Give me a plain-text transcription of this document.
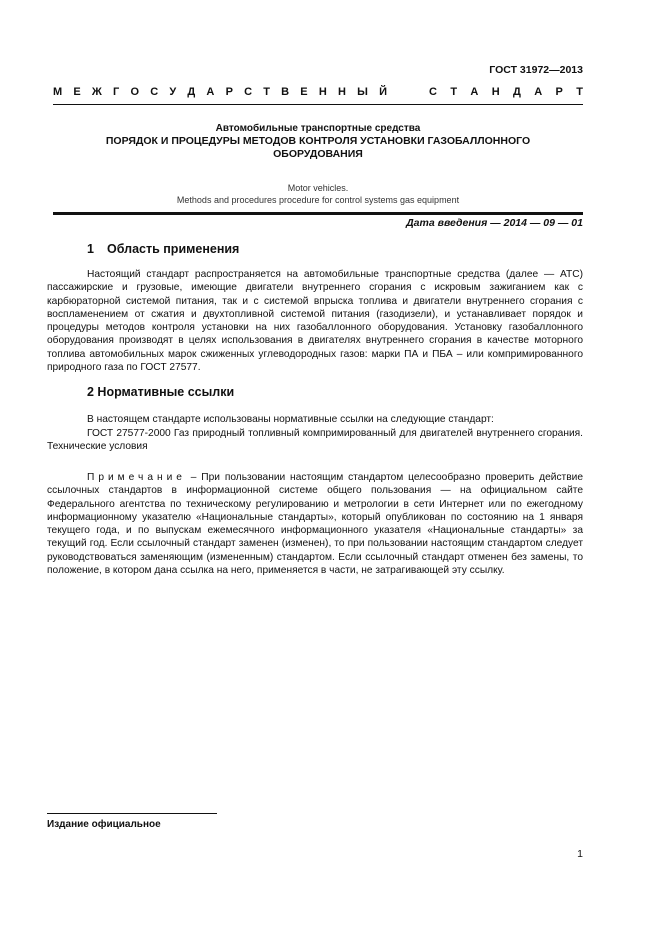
ГОСТ 31972—2013
М Е Ж Г О С У Д А Р С Т В Е Н Н Ы Й	С Т А Н Д А Р Т
Автомобильные транспортные средства
ПОРЯДОК И ПРОЦЕДУРЫ МЕТОДОВ КОНТРОЛЯ УСТАНОВКИ ГАЗОБАЛЛОННОГО
ОБОРУДОВАНИЯ
Motor vehicles.
Methods and procedures procedure for control systems gas equipment
Дата введения — 2014 — 09 — 01
1 Область применения
Настоящий стандарт распространяется на автомобильные транспортные средства (далее — АТС) пассажирские и грузовые, имеющие двигатели внутреннего сгорания с искровым зажиганием как с карбюраторной системой питания, так и с системой впрыска топлива и двигатели внутреннего сгорания с воспламенением от сжатия и двухтопливной системой питания (газодизели), и устанавливает порядок и процедуры методов контроля установки на них газобаллонного оборудования. Установку газобаллонного оборудования производят в целях использования в двигателях внутреннего сгорания в качестве моторного топлива автомобильных марок сжиженных углеводородных газов: марки ПА и ПБА – или компримированного природного газа по ГОСТ 27577.
2 Нормативные ссылки
В настоящем стандарте использованы нормативные ссылки на следующие стандарт:
ГОСТ 27577-2000 Газ природный топливный компримированный для двигателей внутреннего сгорания. Технические условия
Примечание – При пользовании настоящим стандартом целесообразно проверить действие ссылочных стандартов в информационной системе общего пользования — на официальном сайте Федерального агентства по техническому регулированию и метрологии в сети Интернет или по ежегодному информационному указателю «Национальные стандарты», который опубликован по состоянию на 1 января текущего года, и по выпускам ежемесячного информационного указателя «Национальные стандарты» за текущий год. Если ссылочный стандарт заменен (изменен), то при пользовании настоящим стандартом следует руководствоваться заменяющим (измененным) стандартом. Если ссылочный стандарт отменен без замены, то положение, в котором дана ссылка на него, применяется в части, не затрагивающей эту ссылку.
Издание официальное
1
